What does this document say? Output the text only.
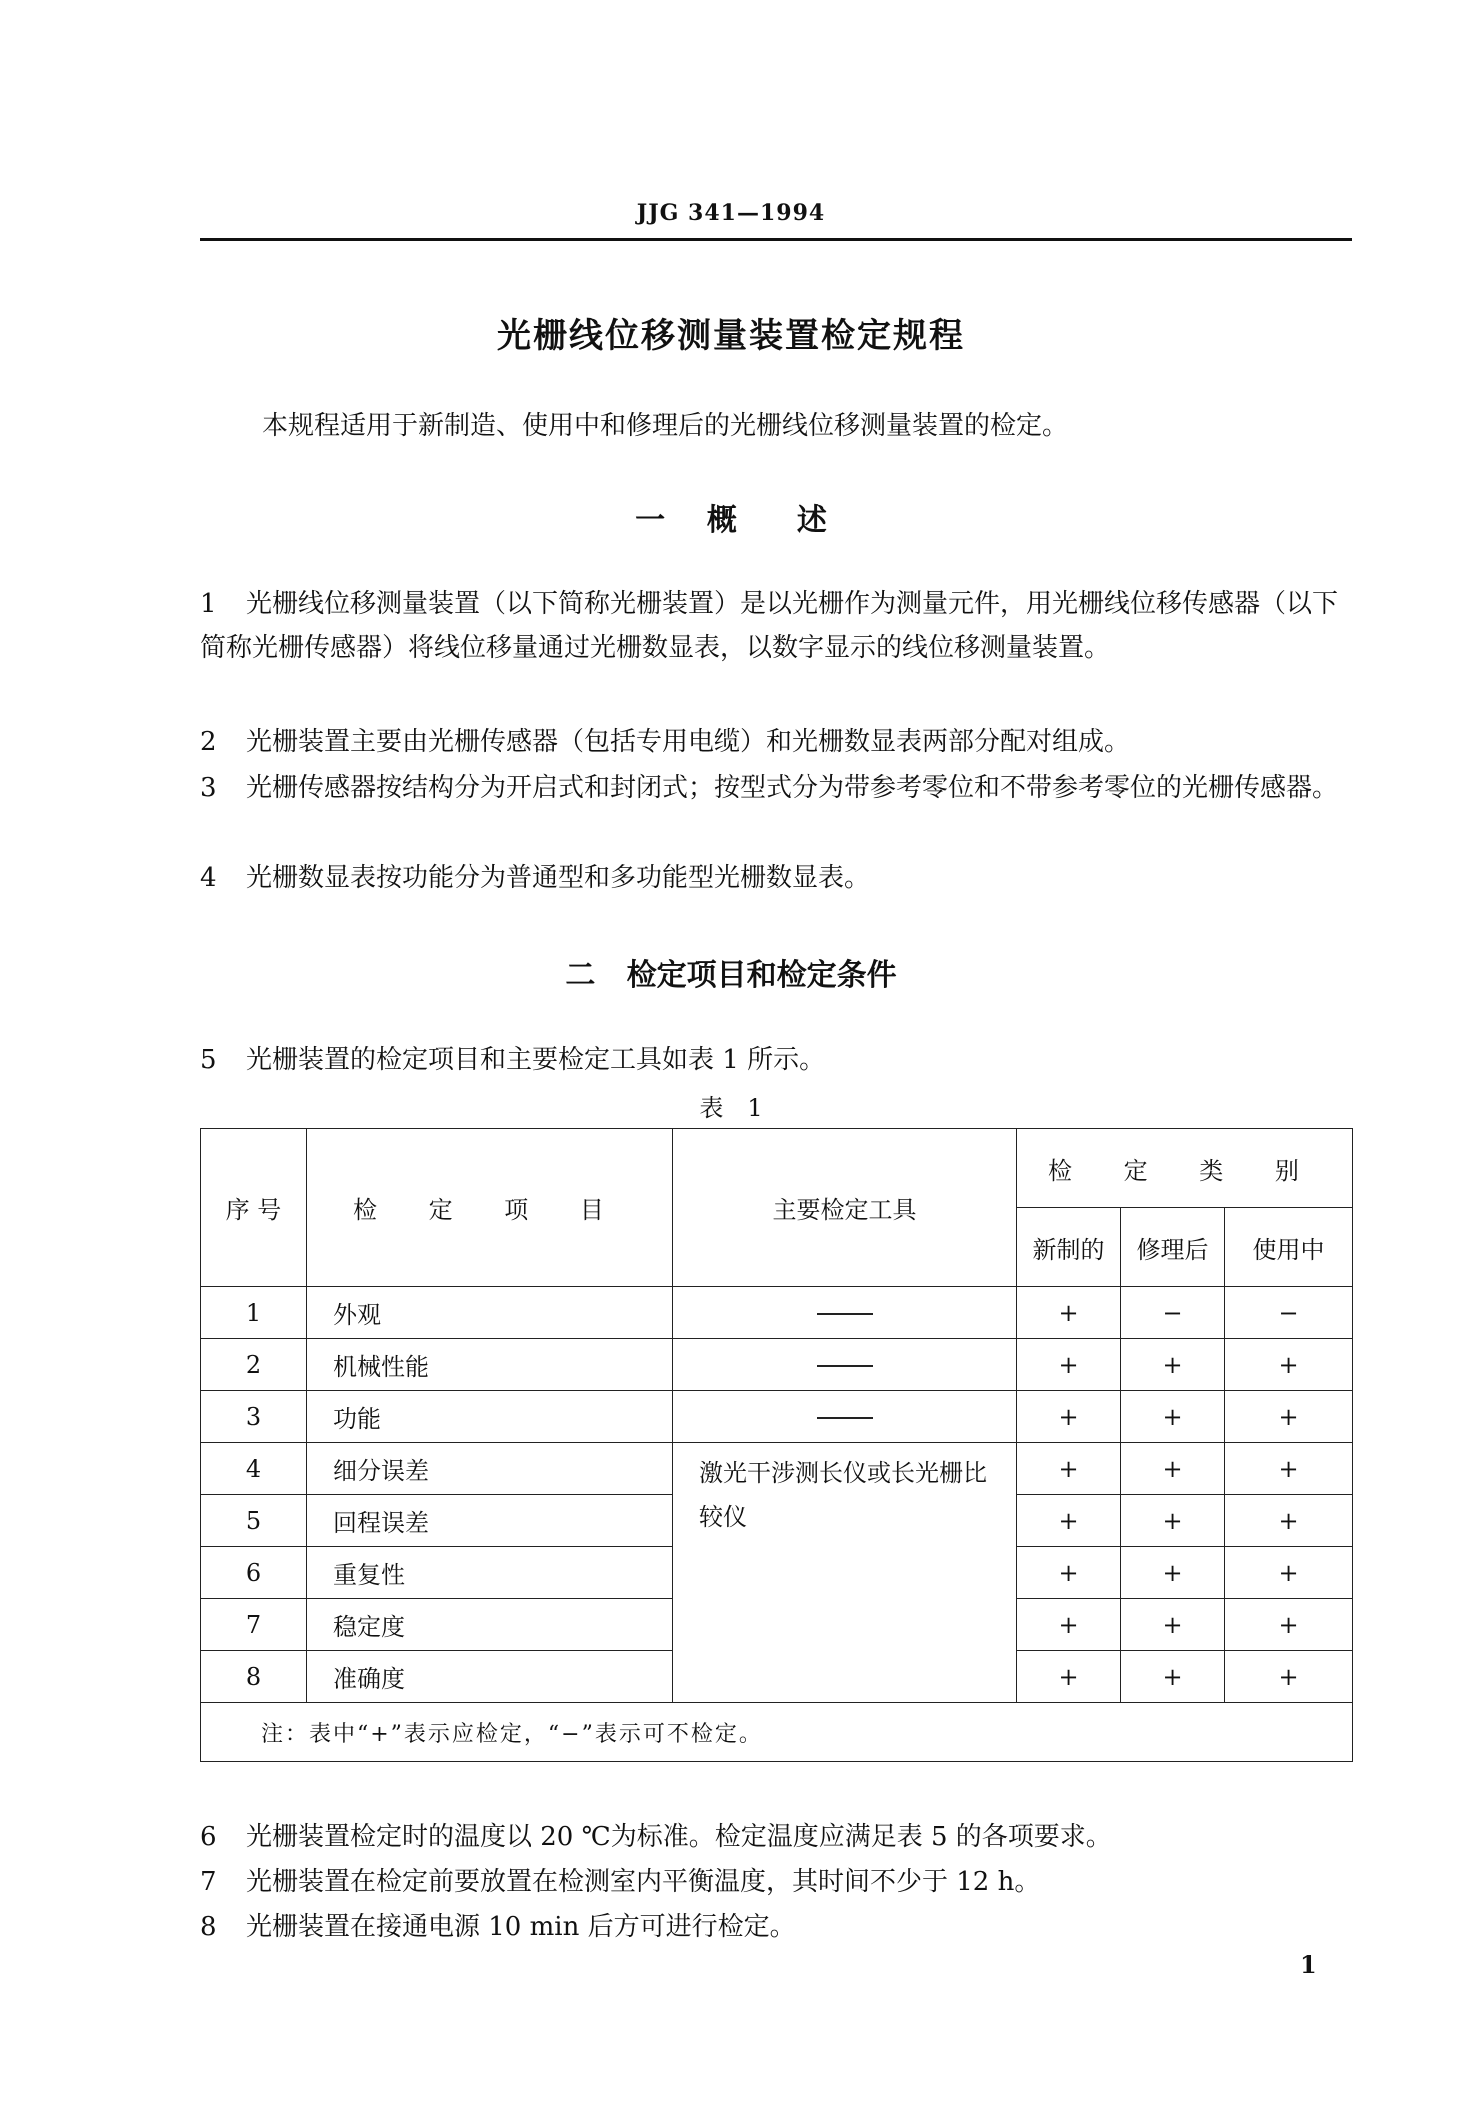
JJG 341—1994
光栅线位移测量装置检定规程
本规程适用于新制造、使用中和修理后的光栅线位移测量装置的检定。
一 概　　述
1 光栅线位移测量装置（以下简称光栅装置）是以光栅作为测量元件，用光栅线位移传感器（以下简称光栅传感器）将线位移量通过光栅数显表，以数字显示的线位移测量装置。
2 光栅装置主要由光栅传感器（包括专用电缆）和光栅数显表两部分配对组成。
3 光栅传感器按结构分为开启式和封闭式；按型式分为带参考零位和不带参考零位的光栅传感器。
4 光栅数显表按功能分为普通型和多功能型光栅数显表。
二 检定项目和检定条件
5 光栅装置的检定项目和主要检定工具如表 1 所示。
表　1
序 号	检 定 项 目	主要检定工具	检 定 类 别		
			新制的	修理后	使用中
1	外观		+	−	−
2	机械性能		+	+	+
3	功能		+	+	+
4	细分误差	激光干涉测长仪或长光栅比较仪	+	+	+
5	回程误差		+	+	+
6	重复性		+	+	+
7	稳定度		+	+	+
8	准确度		+	+	+
注：表中“+”表示应检定，“−”表示可不检定。					
6 光栅装置检定时的温度以 20 ℃为标准。检定温度应满足表 5 的各项要求。
7 光栅装置在检定前要放置在检测室内平衡温度，其时间不少于 12 h。
8 光栅装置在接通电源 10 min 后方可进行检定。
1
